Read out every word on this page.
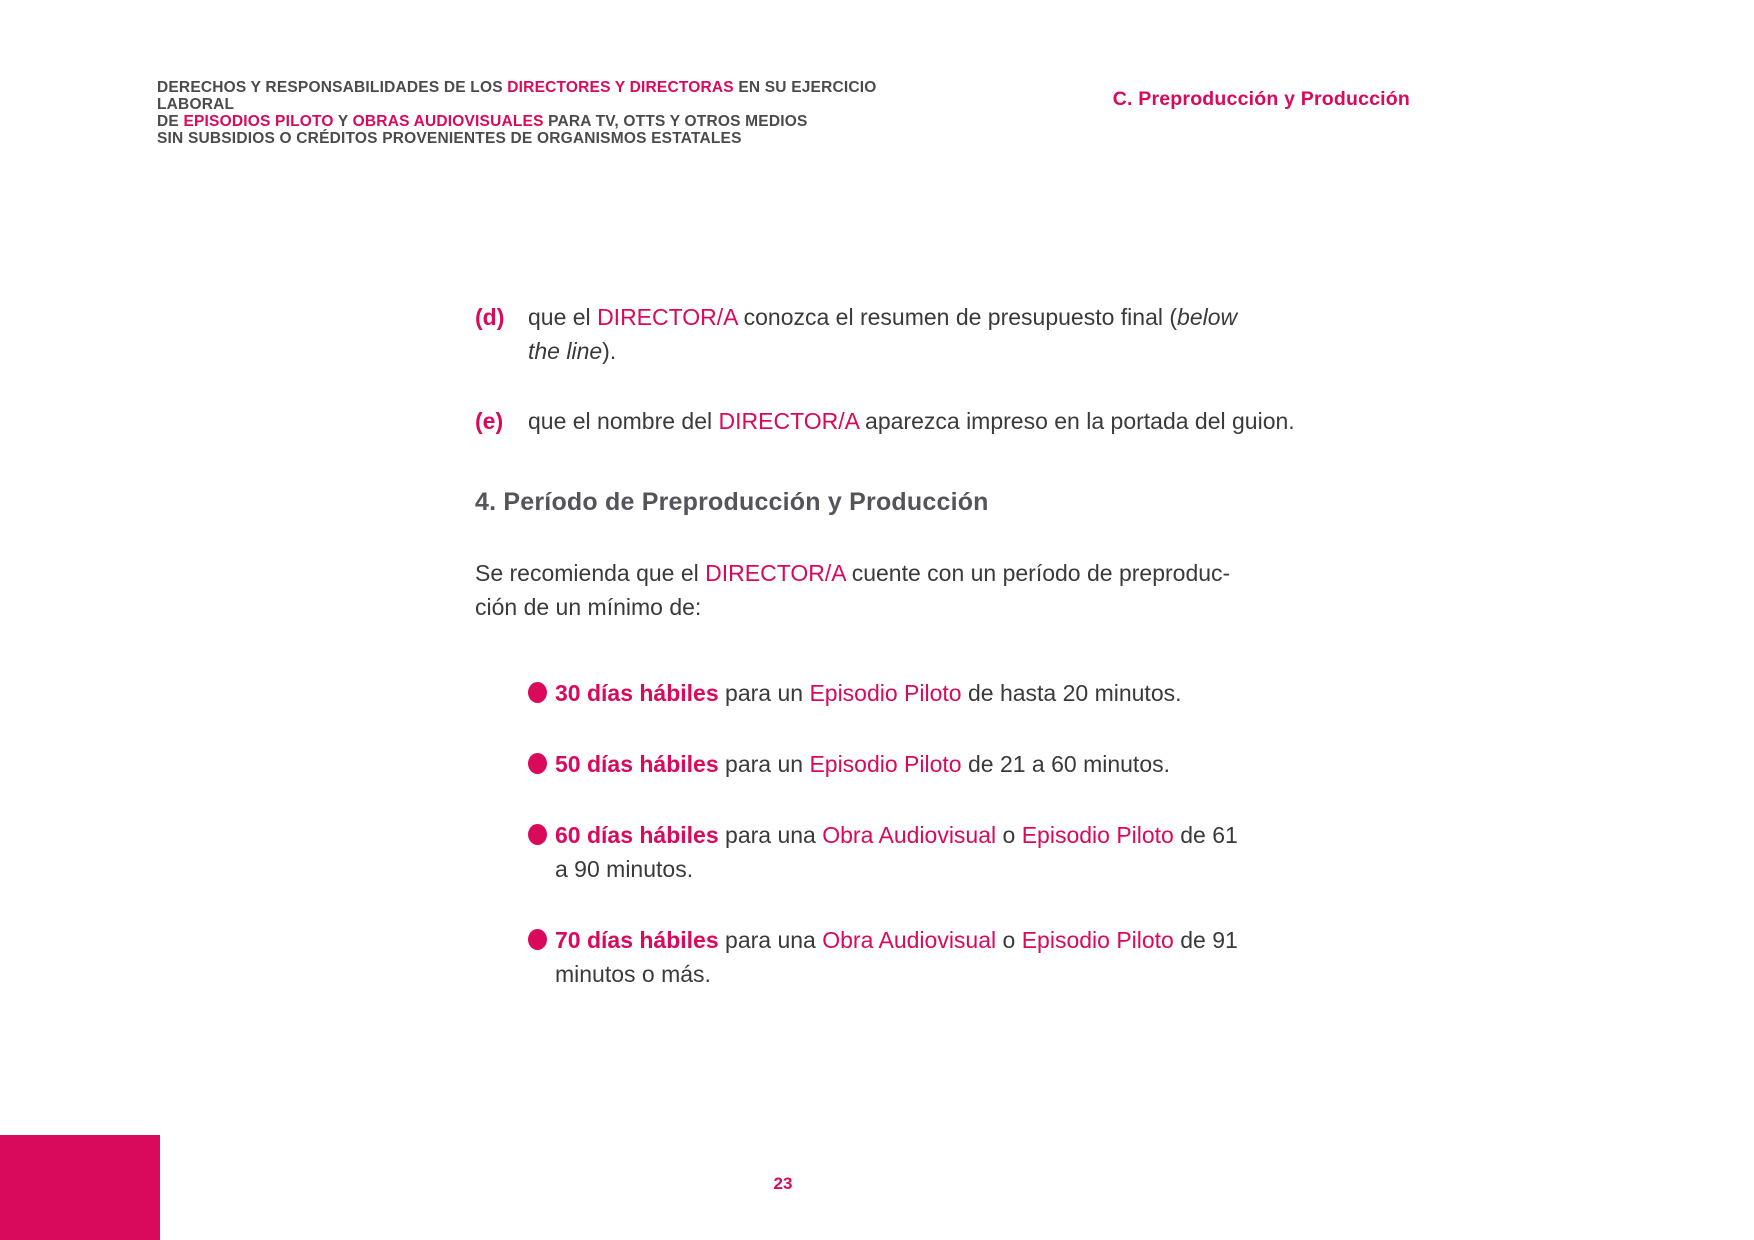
DERECHOS Y RESPONSABILIDADES DE LOS DIRECTORES Y DIRECTORAS EN SU EJERCICIO LABORAL
DE EPISODIOS PILOTO Y OBRAS AUDIOVISUALES PARA TV, OTTS Y OTROS MEDIOS
SIN SUBSIDIOS O CRÉDITOS PROVENIENTES DE ORGANISMOS ESTATALES
C. Preproducción y Producción
(d)	que el DIRECTOR/A conozca el resumen de presupuesto final (below
the line).
(e)	que el nombre del DIRECTOR/A aparezca impreso en la portada del guion.
4. Período de Preproducción y Producción
Se recomienda que el DIRECTOR/A cuente con un período de preproduc-
ción de un mínimo de:
30 días hábiles para un Episodio Piloto de hasta 20 minutos.
50 días hábiles para un Episodio Piloto de 21 a 60 minutos.
60 días hábiles para una Obra Audiovisual o Episodio Piloto de 61
a 90 minutos.
70 días hábiles para una Obra Audiovisual o Episodio Piloto de 91
minutos o más.
23
